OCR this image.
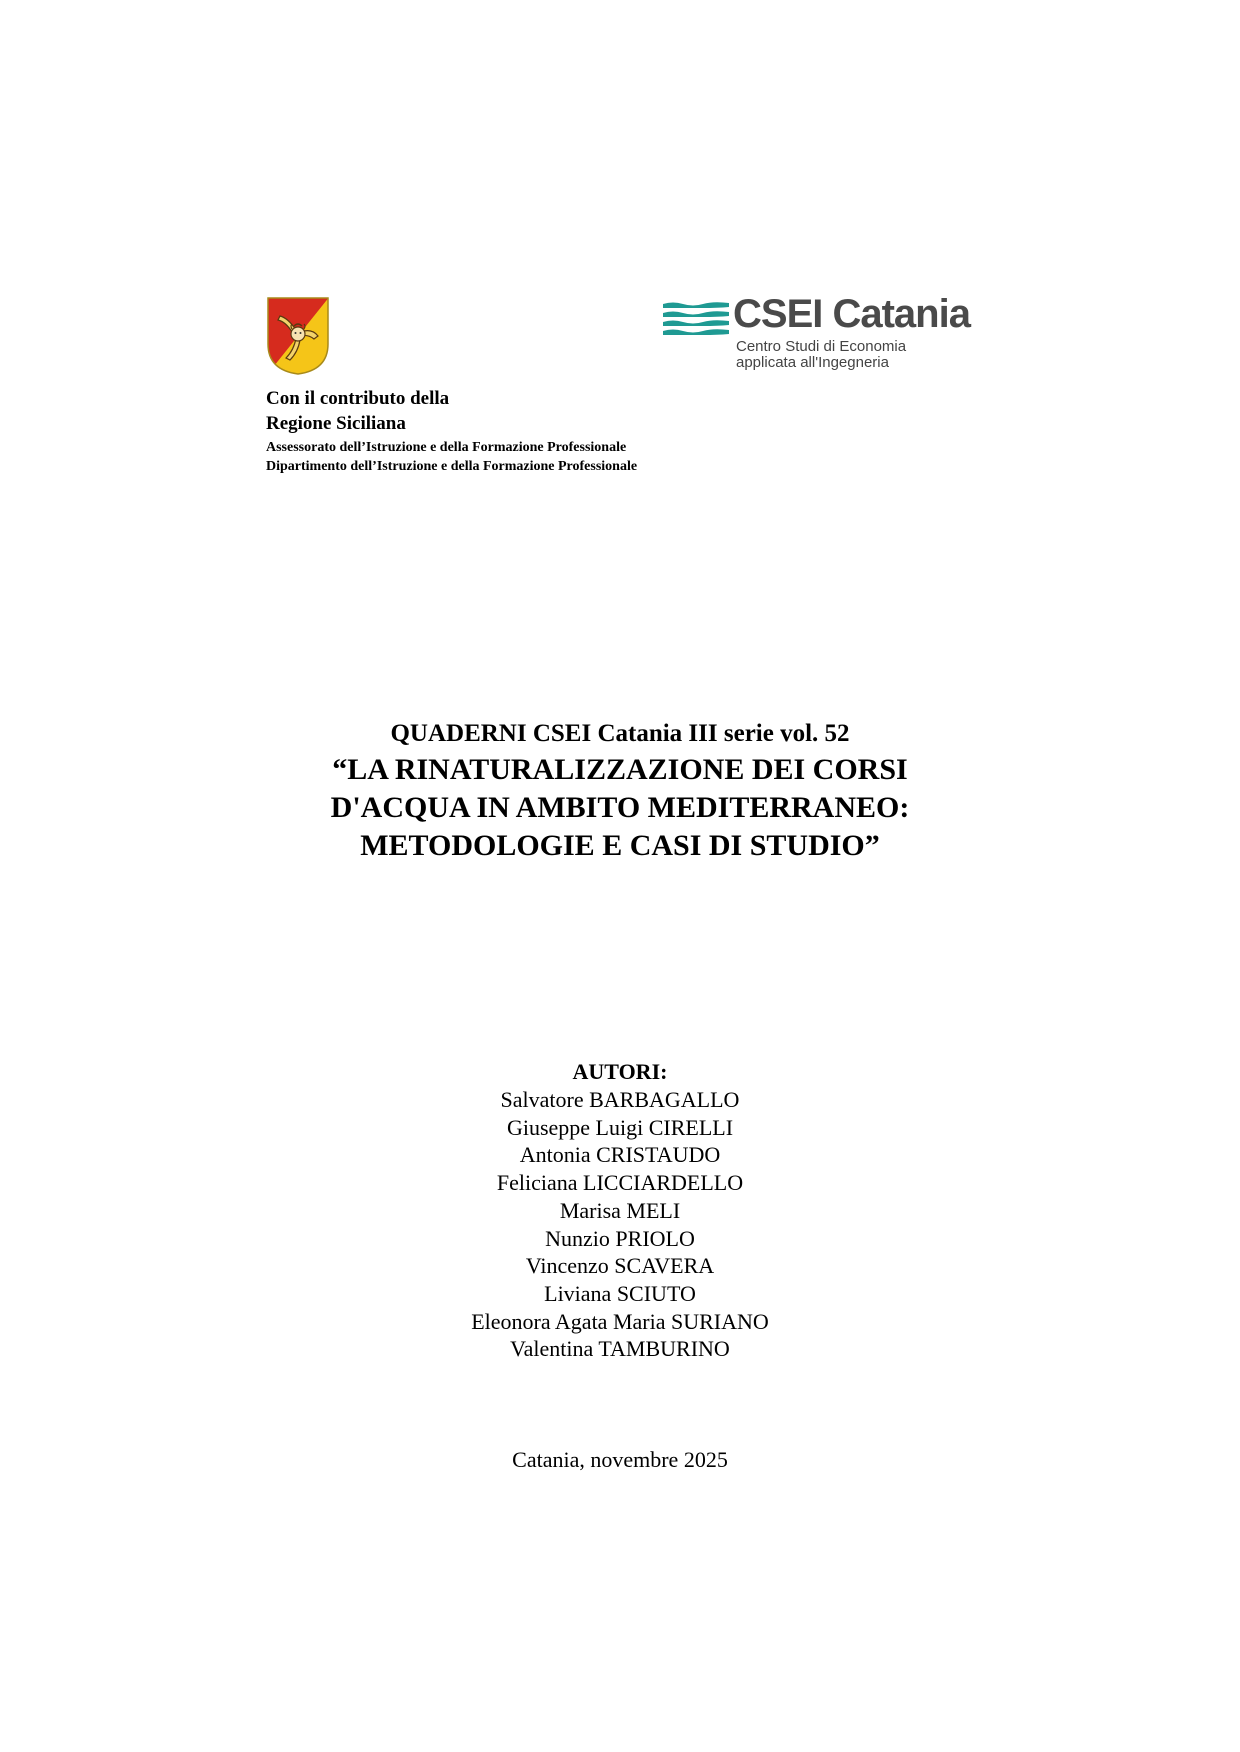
CSEI Catania
Centro Studi di Economia
applicata all'Ingegneria
Con il contributo della
Regione Siciliana
Assessorato dell’Istruzione e della Formazione Professionale
Dipartimento dell’Istruzione e della Formazione Professionale
QUADERNI CSEI Catania III serie vol. 52
“LA RINATURALIZZAZIONE DEI CORSI
D'ACQUA IN AMBITO MEDITERRANEO:
METODOLOGIE E CASI DI STUDIO”
AUTORI:
Salvatore BARBAGALLO
Giuseppe Luigi CIRELLI
Antonia CRISTAUDO
Feliciana LICCIARDELLO
Marisa MELI
Nunzio PRIOLO
Vincenzo SCAVERA
Liviana SCIUTO
Eleonora Agata Maria SURIANO
Valentina TAMBURINO
Catania, novembre 2025
